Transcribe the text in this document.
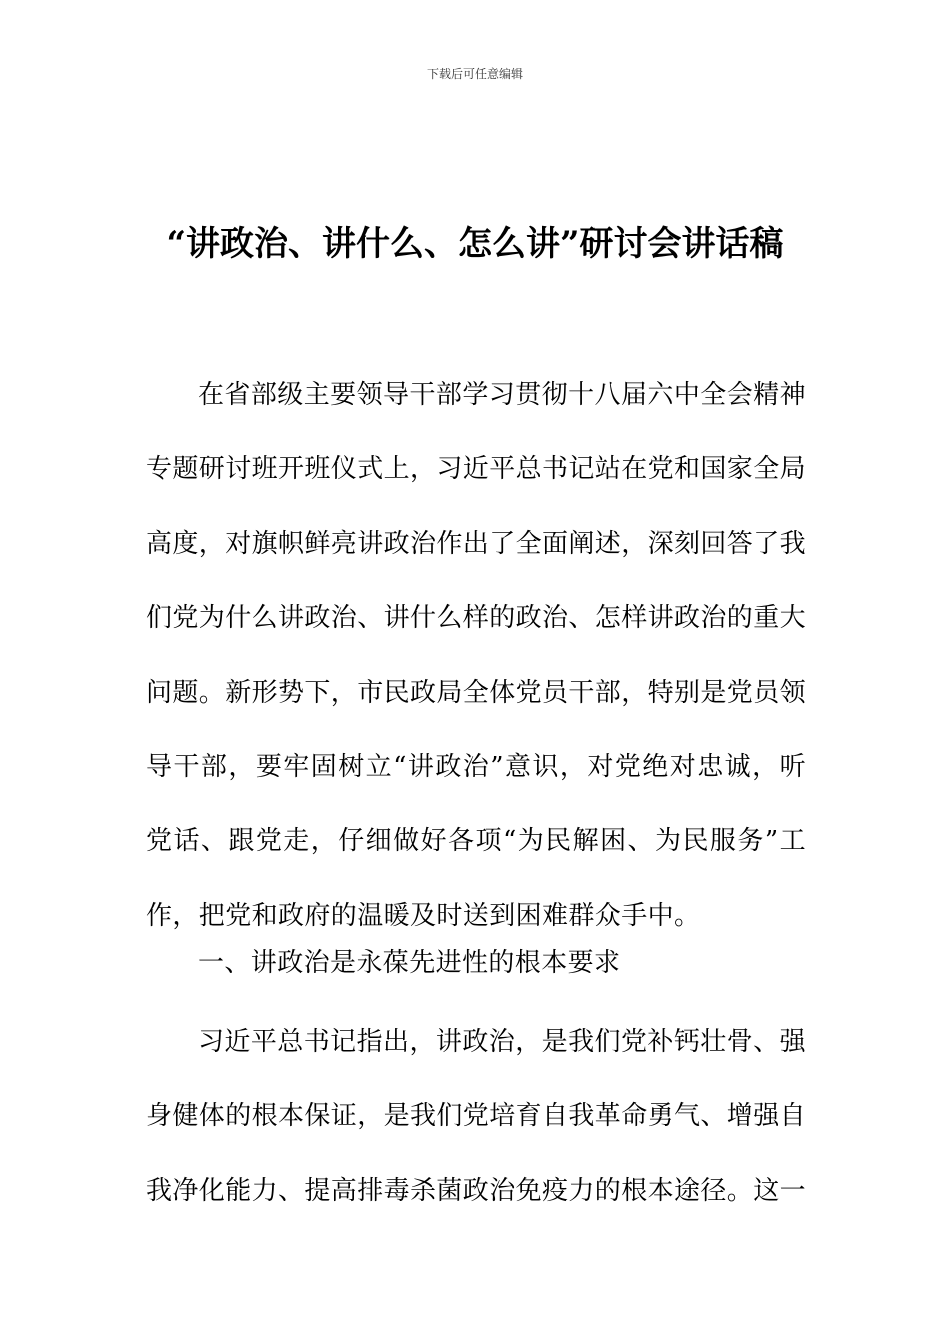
下载后可任意编辑
“讲政治、讲什么、怎么讲”研讨会讲话稿

在省部级主要领导干部学习贯彻十八届六中全会精神专题研讨班开班仪式上，习近平总书记站在党和国家全局高度，对旗帜鲜亮讲政治作出了全面阐述，深刻回答了我们党为什么讲政治、讲什么样的政治、怎样讲政治的重大问题。新形势下，市民政局全体党员干部，特别是党员领导干部，要牢固树立“讲政治”意识，对党绝对忠诚，听党话、跟党走，仔细做好各项“为民解困、为民服务”工作，把党和政府的温暖及时送到困难群众手中。

一、讲政治是永葆先进性的根本要求

习近平总书记指出，讲政治，是我们党补钙壮骨、强身健体的根本保证，是我们党培育自我革命勇气、增强自我净化能力、提高排毒杀菌政治免疫力的根本途径。这一
